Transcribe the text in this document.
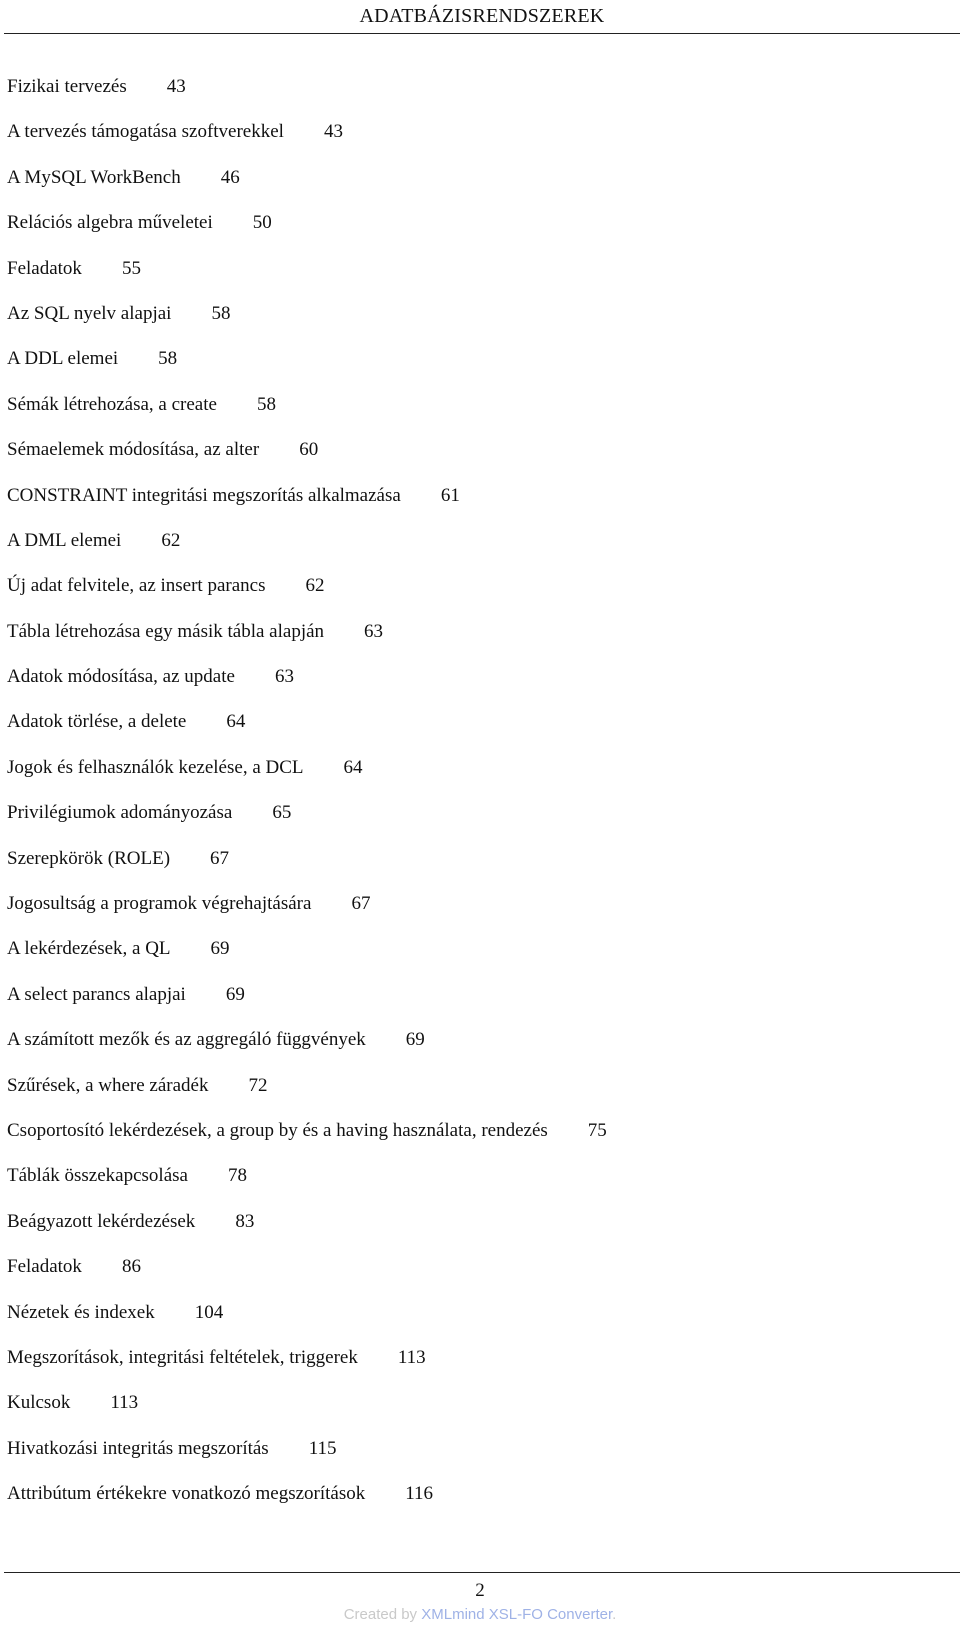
ADATBÁZISRENDSZEREK
Fizikai tervezés 43
A tervezés támogatása szoftverekkel 43
A MySQL WorkBench 46
Relációs algebra műveletei 50
Feladatok 55
Az SQL nyelv alapjai 58
A DDL elemei 58
Sémák létrehozása, a create 58
Sémaelemek módosítása, az alter 60
CONSTRAINT integritási megszorítás alkalmazása 61
A DML elemei 62
Új adat felvitele, az insert parancs 62
Tábla létrehozása egy másik tábla alapján 63
Adatok módosítása, az update 63
Adatok törlése, a delete 64
Jogok és felhasználók kezelése, a DCL 64
Privilégiumok adományozása 65
Szerepkörök (ROLE) 67
Jogosultság a programok végrehajtására 67
A lekérdezések, a QL 69
A select parancs alapjai 69
A számított mezők és az aggregáló függvények 69
Szűrések, a where záradék 72
Csoportosító lekérdezések, a group by és a having használata, rendezés 75
Táblák összekapcsolása 78
Beágyazott lekérdezések 83
Feladatok 86
Nézetek és indexek 104
Megszorítások, integritási feltételek, triggerek 113
Kulcsok 113
Hivatkozási integritás megszorítás 115
Attribútum értékekre vonatkozó megszorítások 116
2
Created by XMLmind XSL-FO Converter.
